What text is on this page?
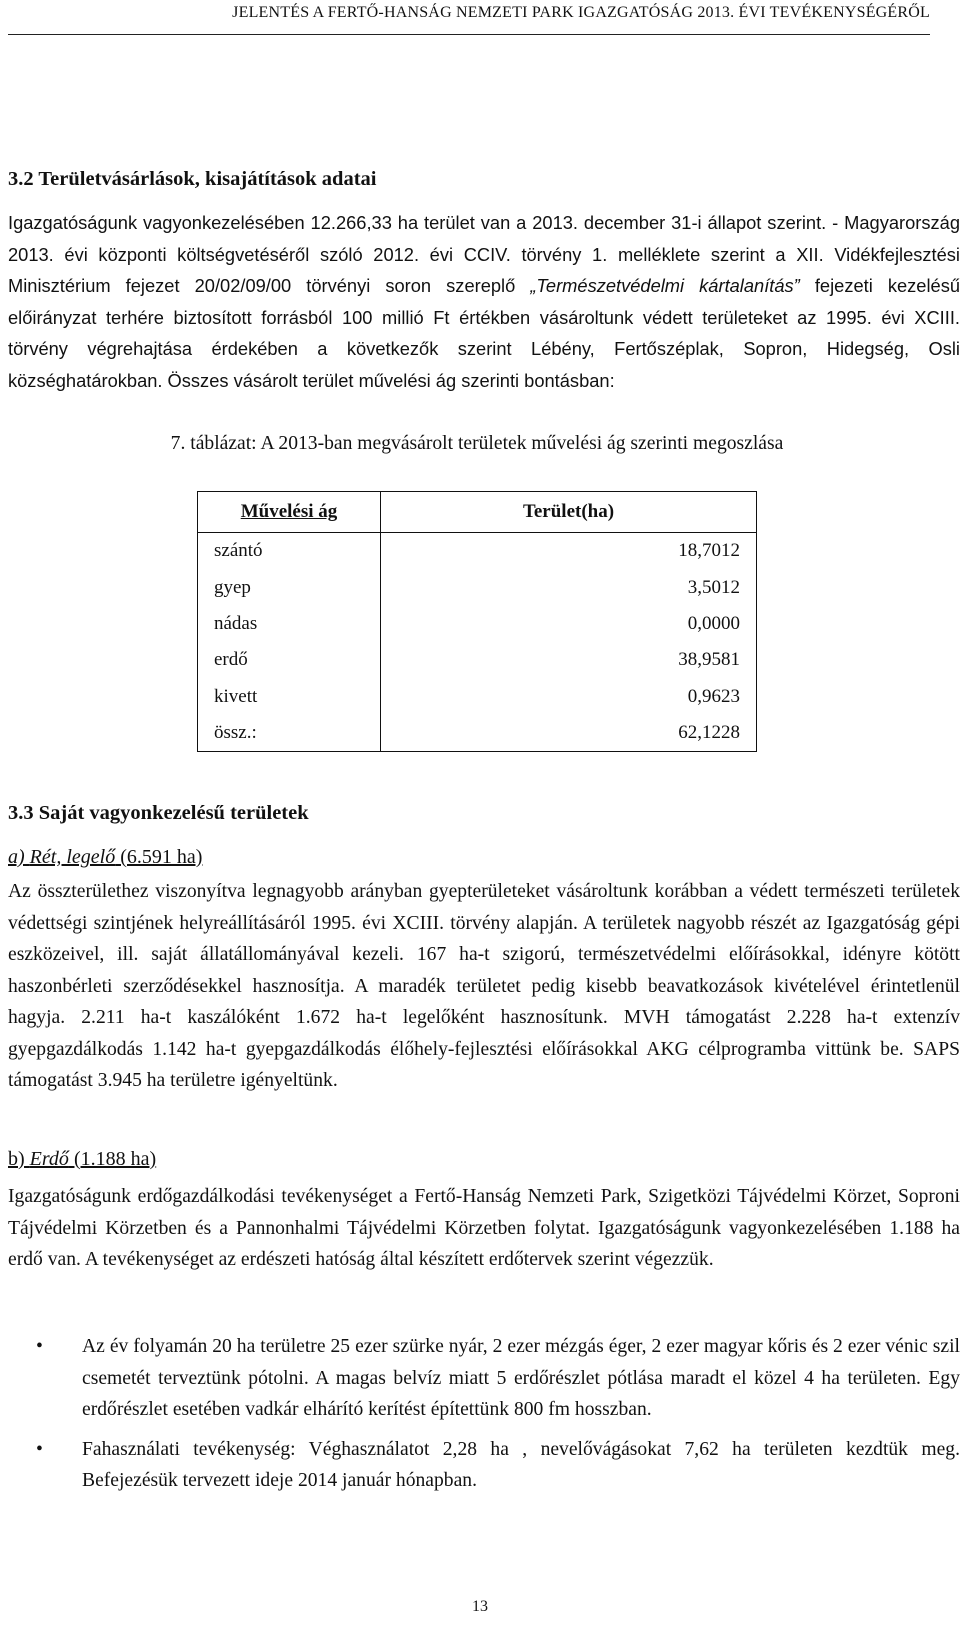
JELENTÉS A FERTŐ-HANSÁG NEMZETI PARK IGAZGATÓSÁG 2013. ÉVI TEVÉKENYSÉGÉRŐL
3.2 Területvásárlások, kisajátítások adatai
Igazgatóságunk vagyonkezelésében 12.266,33 ha terület van a 2013. december 31-i állapot szerint. - Magyarország 2013. évi központi költségvetéséről szóló 2012. évi CCIV. törvény 1. melléklete szerint a XII. Vidékfejlesztési Minisztérium fejezet 20/02/09/00 törvényi soron szereplő „Természetvédelmi kártalanítás” fejezeti kezelésű előirányzat terhére biztosított forrásból 100 millió Ft értékben vásároltunk védett területeket az 1995. évi XCIII. törvény végrehajtása érdekében a következők szerint Lébény, Fertőszéplak, Sopron, Hidegség, Osli községhatárokban. Összes vásárolt terület művelési ág szerinti bontásban:
7. táblázat: A 2013-ban megvásárolt területek művelési ág szerinti megoszlása
Művelési ág	Terület(ha)
szántó	18,7012
gyep	3,5012
nádas	0,0000
erdő	38,9581
kivett	0,9623
össz.:	62,1228
3.3 Saját vagyonkezelésű területek
a) Rét, legelő (6.591 ha)
Az összterülethez viszonyítva legnagyobb arányban gyepterületeket vásároltunk korábban a védett természeti területek védettségi szintjének helyreállításáról 1995. évi XCIII. törvény alapján. A területek nagyobb részét az Igazgatóság gépi eszközeivel, ill. saját állatállományával kezeli. 167 ha-t szigorú, természetvédelmi előírásokkal, idényre kötött haszonbérleti szerződésekkel hasznosítja. A maradék területet pedig kisebb beavatkozások kivételével érintetlenül hagyja. 2.211 ha-t kaszálóként 1.672 ha-t legelőként hasznosítunk. MVH támogatást 2.228 ha-t extenzív gyepgazdálkodás 1.142 ha-t gyepgazdálkodás élőhely-fejlesztési előírásokkal AKG célprogramba vittünk be. SAPS támogatást 3.945 ha területre igényeltünk.
b) Erdő (1.188 ha)
Igazgatóságunk erdőgazdálkodási tevékenységet a Fertő-Hanság Nemzeti Park, Szigetközi Tájvédelmi Körzet, Soproni Tájvédelmi Körzetben és a Pannonhalmi Tájvédelmi Körzetben folytat. Igazgatóságunk vagyonkezelésében 1.188 ha erdő van. A tevékenységet az erdészeti hatóság által készített erdőtervek szerint végezzük.
• Az év folyamán 20 ha területre 25 ezer szürke nyár, 2 ezer mézgás éger, 2 ezer magyar kőris és 2 ezer vénic szil csemetét terveztünk pótolni. A magas belvíz miatt 5 erdőrészlet pótlása maradt el közel 4 ha területen. Egy erdőrészlet esetében vadkár elhárító kerítést építettünk 800 fm hosszban.
• Fahasználati tevékenység: Véghasználatot 2,28 ha , nevelővágásokat 7,62 ha területen kezdtük meg. Befejezésük tervezett ideje 2014 január hónapban.
13
